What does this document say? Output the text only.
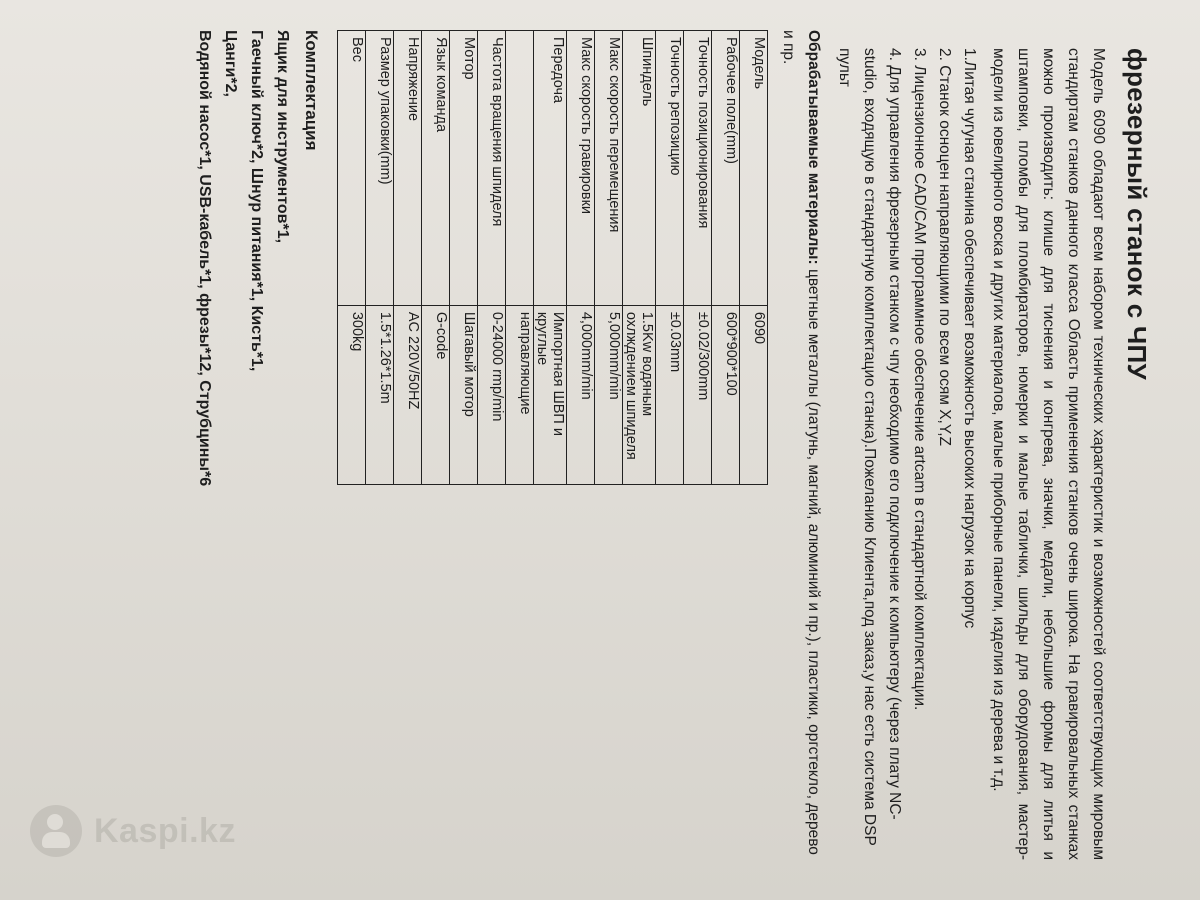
фрезерный станок с ЧПУ

Модель 6090 обладают всем набором технических характеристик и возможностей соответствующих мировым стандиртам станков данного класса Область применения станков очень широка. На гравировальных станках можно производить: клише для тиснения и конгрева, значки, медали, небольшие формы для литья и штамповки, пломбы для пломбираторов, номерки и малые таблички, шильды для оборудования, мастер-модели из ювелирного воска и других материалов, малые приборные панели, изделия из дерева и т.д.

1.Литая чугуная станина обеспечивает возможность высоких нагрузок на корпус

2. Станок осноцен направляющими по всем осям X,Y,Z

3. Лицензионное CAD/CAM программное обеспечение artcam в стандартной комплектации.

4. Для управления фрезерным станком с чпу необходимо его подключение к компьютеру (через плату NC-studio, входящую в стандартную комплектацио станка).Пожеланию Клиента,под заказ,у нас есть система DSP пульт

Обрабатываемые материалы: цветные металлы (латунь, магний, алюминий и пр.), пластики, оргстекло, дерево и пр.

Модель	6090
Рабочее поле(mm)	600*900*100
Точность позиционирования	±0.02/300mm
Точность репозицию	±0.03mm
Шпиндель	1.5Kw водяным охлждением шпиделя
Макс скорость перемещения	5,000mm/min
Макс скорость гравировки	4,000mm/min
Передоча	Импортная ШВП и круглые
	направляющие
Частота вращения шпиделя	0-24000 rmp/min
Мотор	Шагавый мотор
Язык команда	G-code
Напряжение	AC 220V/50HZ
Размер упаковки(mm)	1.5*1.26*1.5m
Вес	300kg
Комплектация

Ящик для инструментов*1,

Гаечный ключ*2, Шнур питания*1, Кисть*1,

Цанги*2,

Водяной насос*1, USB-кабель*1, фрезы*12, Струбцины*6

Kaspi.kz
